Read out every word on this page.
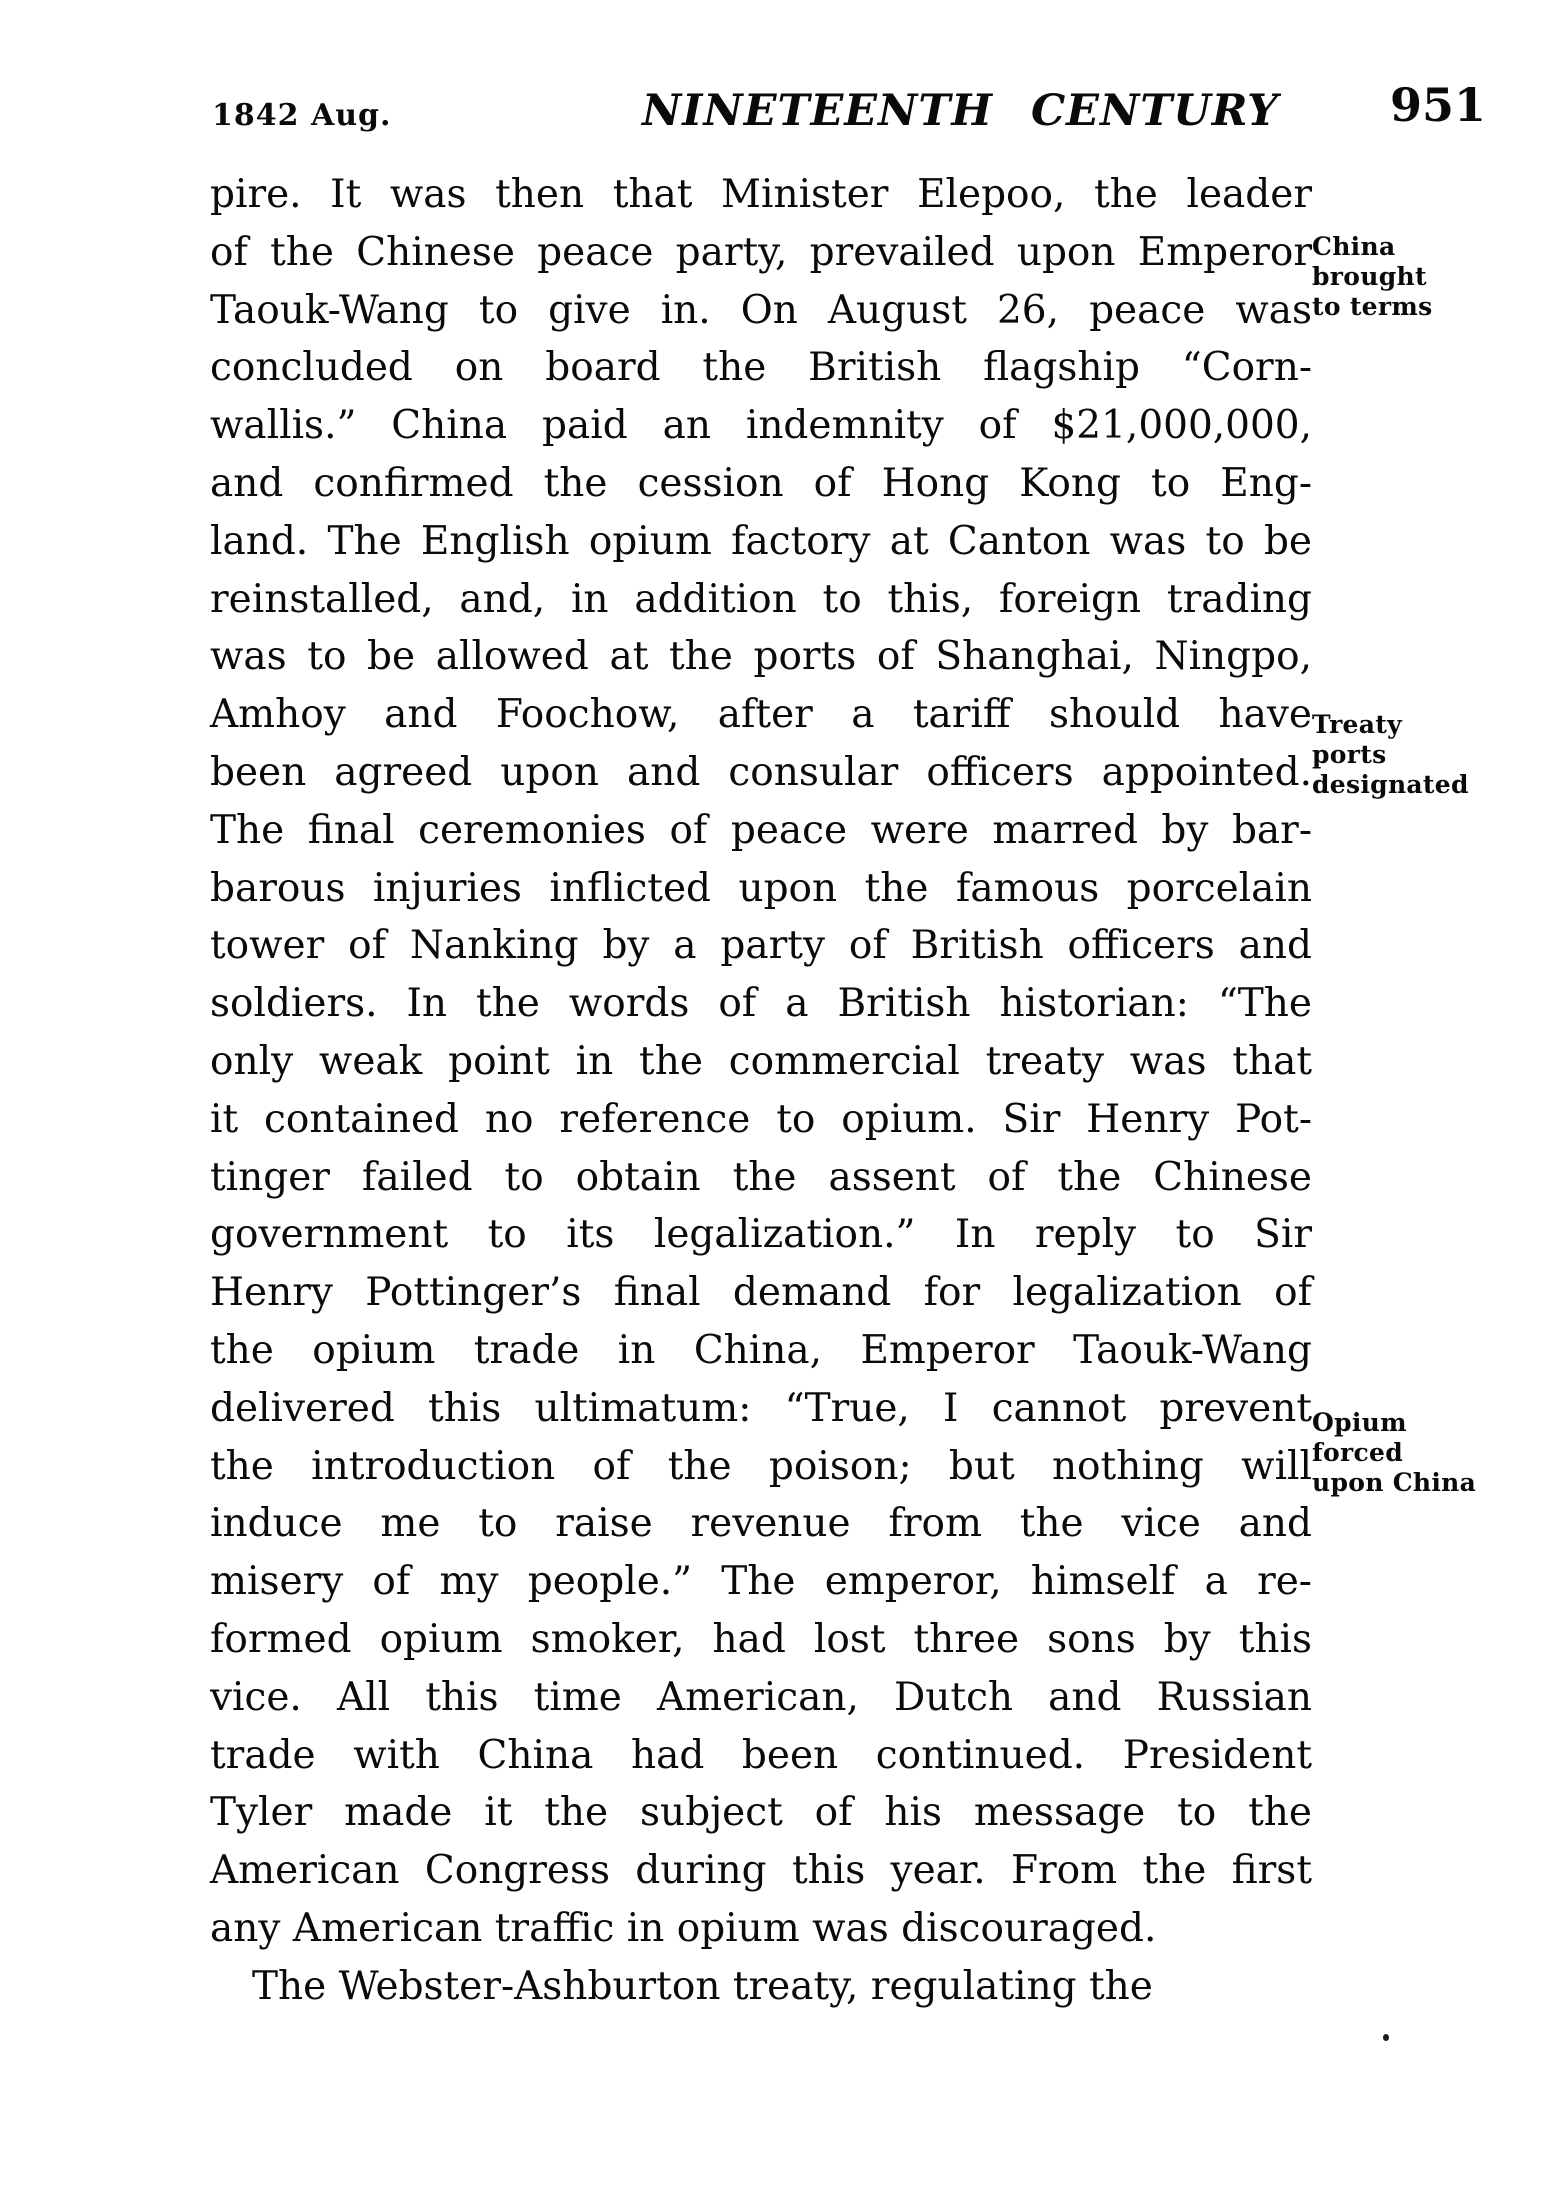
1842 Aug.	NINETEENTH CENTURY 951
pire. It was then that Minister Elepoo, the leader
of the Chinese peace party, prevailed upon Emperor
Taouk-Wang to give in. On August 26, peace was
concluded on board the British flagship “Corn-
wallis.” China paid an indemnity of $21,000,000,
and confirmed the cession of Hong Kong to Eng-
land. The English opium factory at Canton was to be
reinstalled, and, in addition to this, foreign trading
was to be allowed at the ports of Shanghai, Ningpo,
Amhoy and Foochow, after a tariff should have
been agreed upon and consular officers appointed.
The final ceremonies of peace were marred by bar-
barous injuries inflicted upon the famous porcelain
tower of Nanking by a party of British officers and
soldiers. In the words of a British historian: “The
only weak point in the commercial treaty was that
it contained no reference to opium. Sir Henry Pot-
tinger failed to obtain the assent of the Chinese
government to its legalization.” In reply to Sir
Henry Pottinger’s final demand for legalization of
the opium trade in China, Emperor Taouk-Wang
delivered this ultimatum: “True, I cannot prevent
the introduction of the poison; but nothing will
induce me to raise revenue from the vice and
misery of my people.” The emperor, himself a re-
formed opium smoker, had lost three sons by this
vice. All this time American, Dutch and Russian
trade with China had been continued. President
Tyler made it the subject of his message to the
American Congress during this year. From the first
any American traffic in opium was discouraged.
The Webster-Ashburton treaty, regulating the
China
brought
to terms
Treaty
ports
designated
Opium
forced
upon China
